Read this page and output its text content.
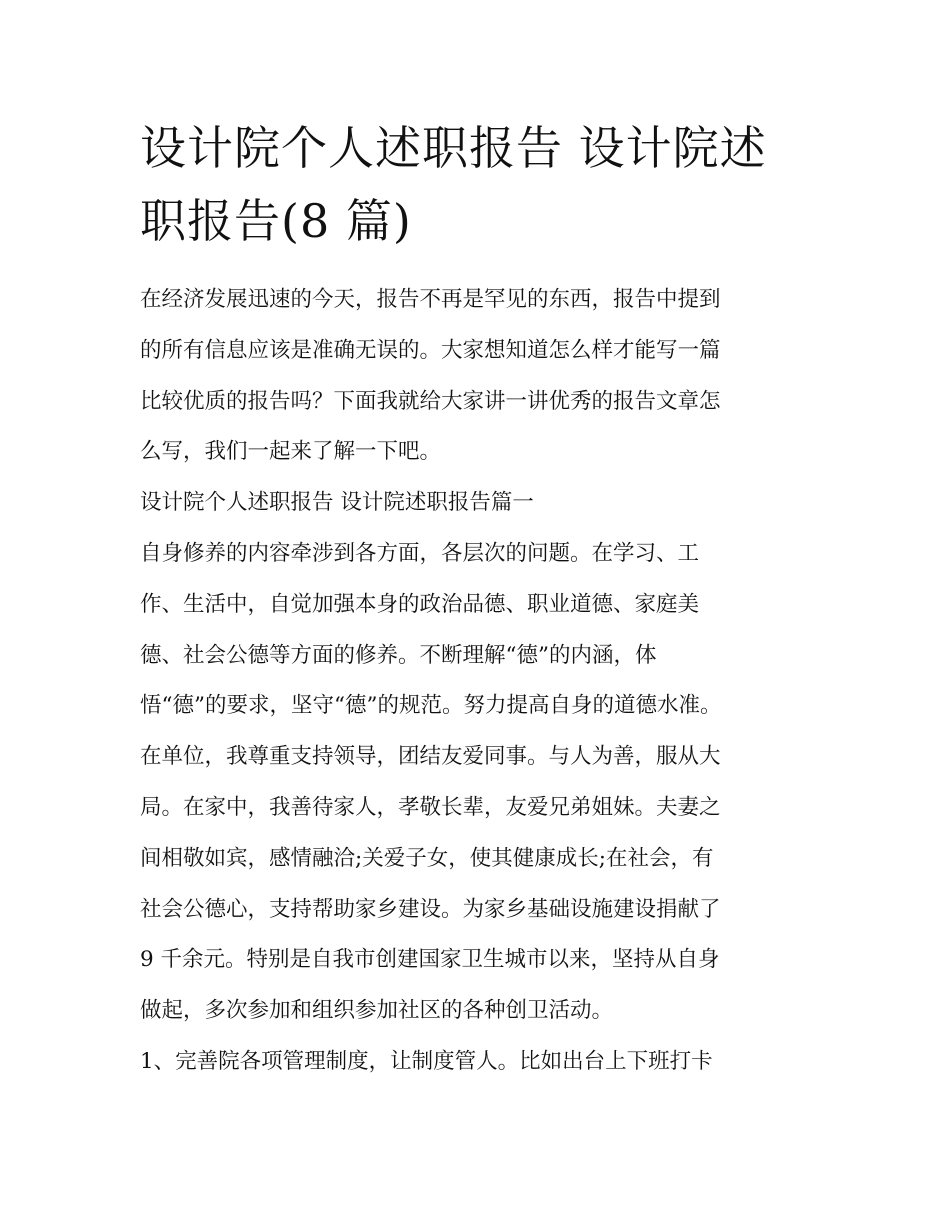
设计院个人述职报告 设计院述
职报告(8 篇)
在经济发展迅速的今天，报告不再是罕见的东西，报告中提到
的所有信息应该是准确无误的。大家想知道怎么样才能写一篇
比较优质的报告吗？下面我就给大家讲一讲优秀的报告文章怎
么写，我们一起来了解一下吧。
设计院个人述职报告 设计院述职报告篇一
自身修养的内容牵涉到各方面，各层次的问题。在学习、工
作、生活中，自觉加强本身的政治品德、职业道德、家庭美
德、社会公德等方面的修养。不断理解“德”的内涵，体
悟“德”的要求，坚守“德”的规范。努力提高自身的道德水准。
在单位，我尊重支持领导，团结友爱同事。与人为善，服从大
局。在家中，我善待家人，孝敬长辈，友爱兄弟姐妹。夫妻之
间相敬如宾，感情融洽;关爱子女，使其健康成长;在社会，有
社会公德心，支持帮助家乡建设。为家乡基础设施建设捐献了
9 千余元。特别是自我市创建国家卫生城市以来，坚持从自身
做起，多次参加和组织参加社区的各种创卫活动。
1、完善院各项管理制度，让制度管人。比如出台上下班打卡
